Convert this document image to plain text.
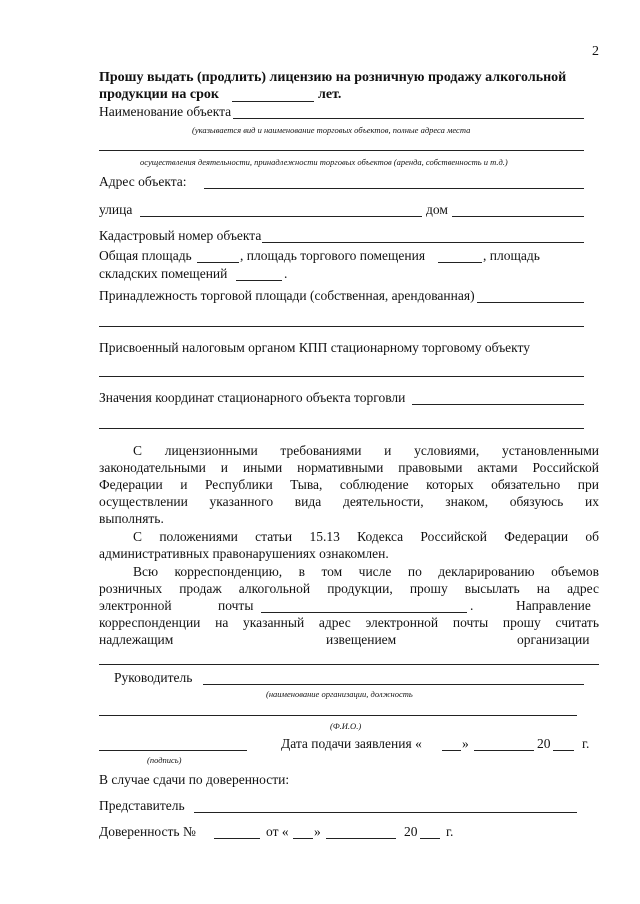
2
Прошу выдать (продлить) лицензию на розничную продажу алкогольной
продукции на срок	лет.
Наименование объекта
(указывается вид и наименование торговых объектов, полные адреса места
осуществления деятельности, принадлежности торговых объектов (аренда, собственность и т.д.)
Адрес объекта:
улица	дом
Кадастровый номер объекта
Общая площадь	, площадь торгового помещения	, площадь
складских помещений	.
Принадлежность торговой площади (собственная, арендованная)
Присвоенный налоговым органом КПП стационарному торговому объекту
Значения координат стационарного объекта торговли
С лицензионными требованиями и условиями, установленными
законодательными и иными нормативными правовыми актами Российской
Федерации и Республики Тыва, соблюдение которых обязательно при
осуществлении указанного вида деятельности, знаком, обязуюсь их
выполнять.
С положениями статьи 15.13 Кодекса Российской Федерации об
административных правонарушениях ознакомлен.
Всю корреспонденцию, в том числе по декларированию объемов
розничных продаж алкогольной продукции, прошу высылать на адрес
электронной	почты	.	Направление
корреспонденции на указанный адрес электронной почты прошу считать
надлежащим	извещением	организации
Руководитель
(наименование организации, должность
(Ф.И.О.)
(подпись)
Дата подачи заявления «	»	20 г.
В случае сдачи по доверенности:
Представитель
Доверенность №	от « »	20 г.
